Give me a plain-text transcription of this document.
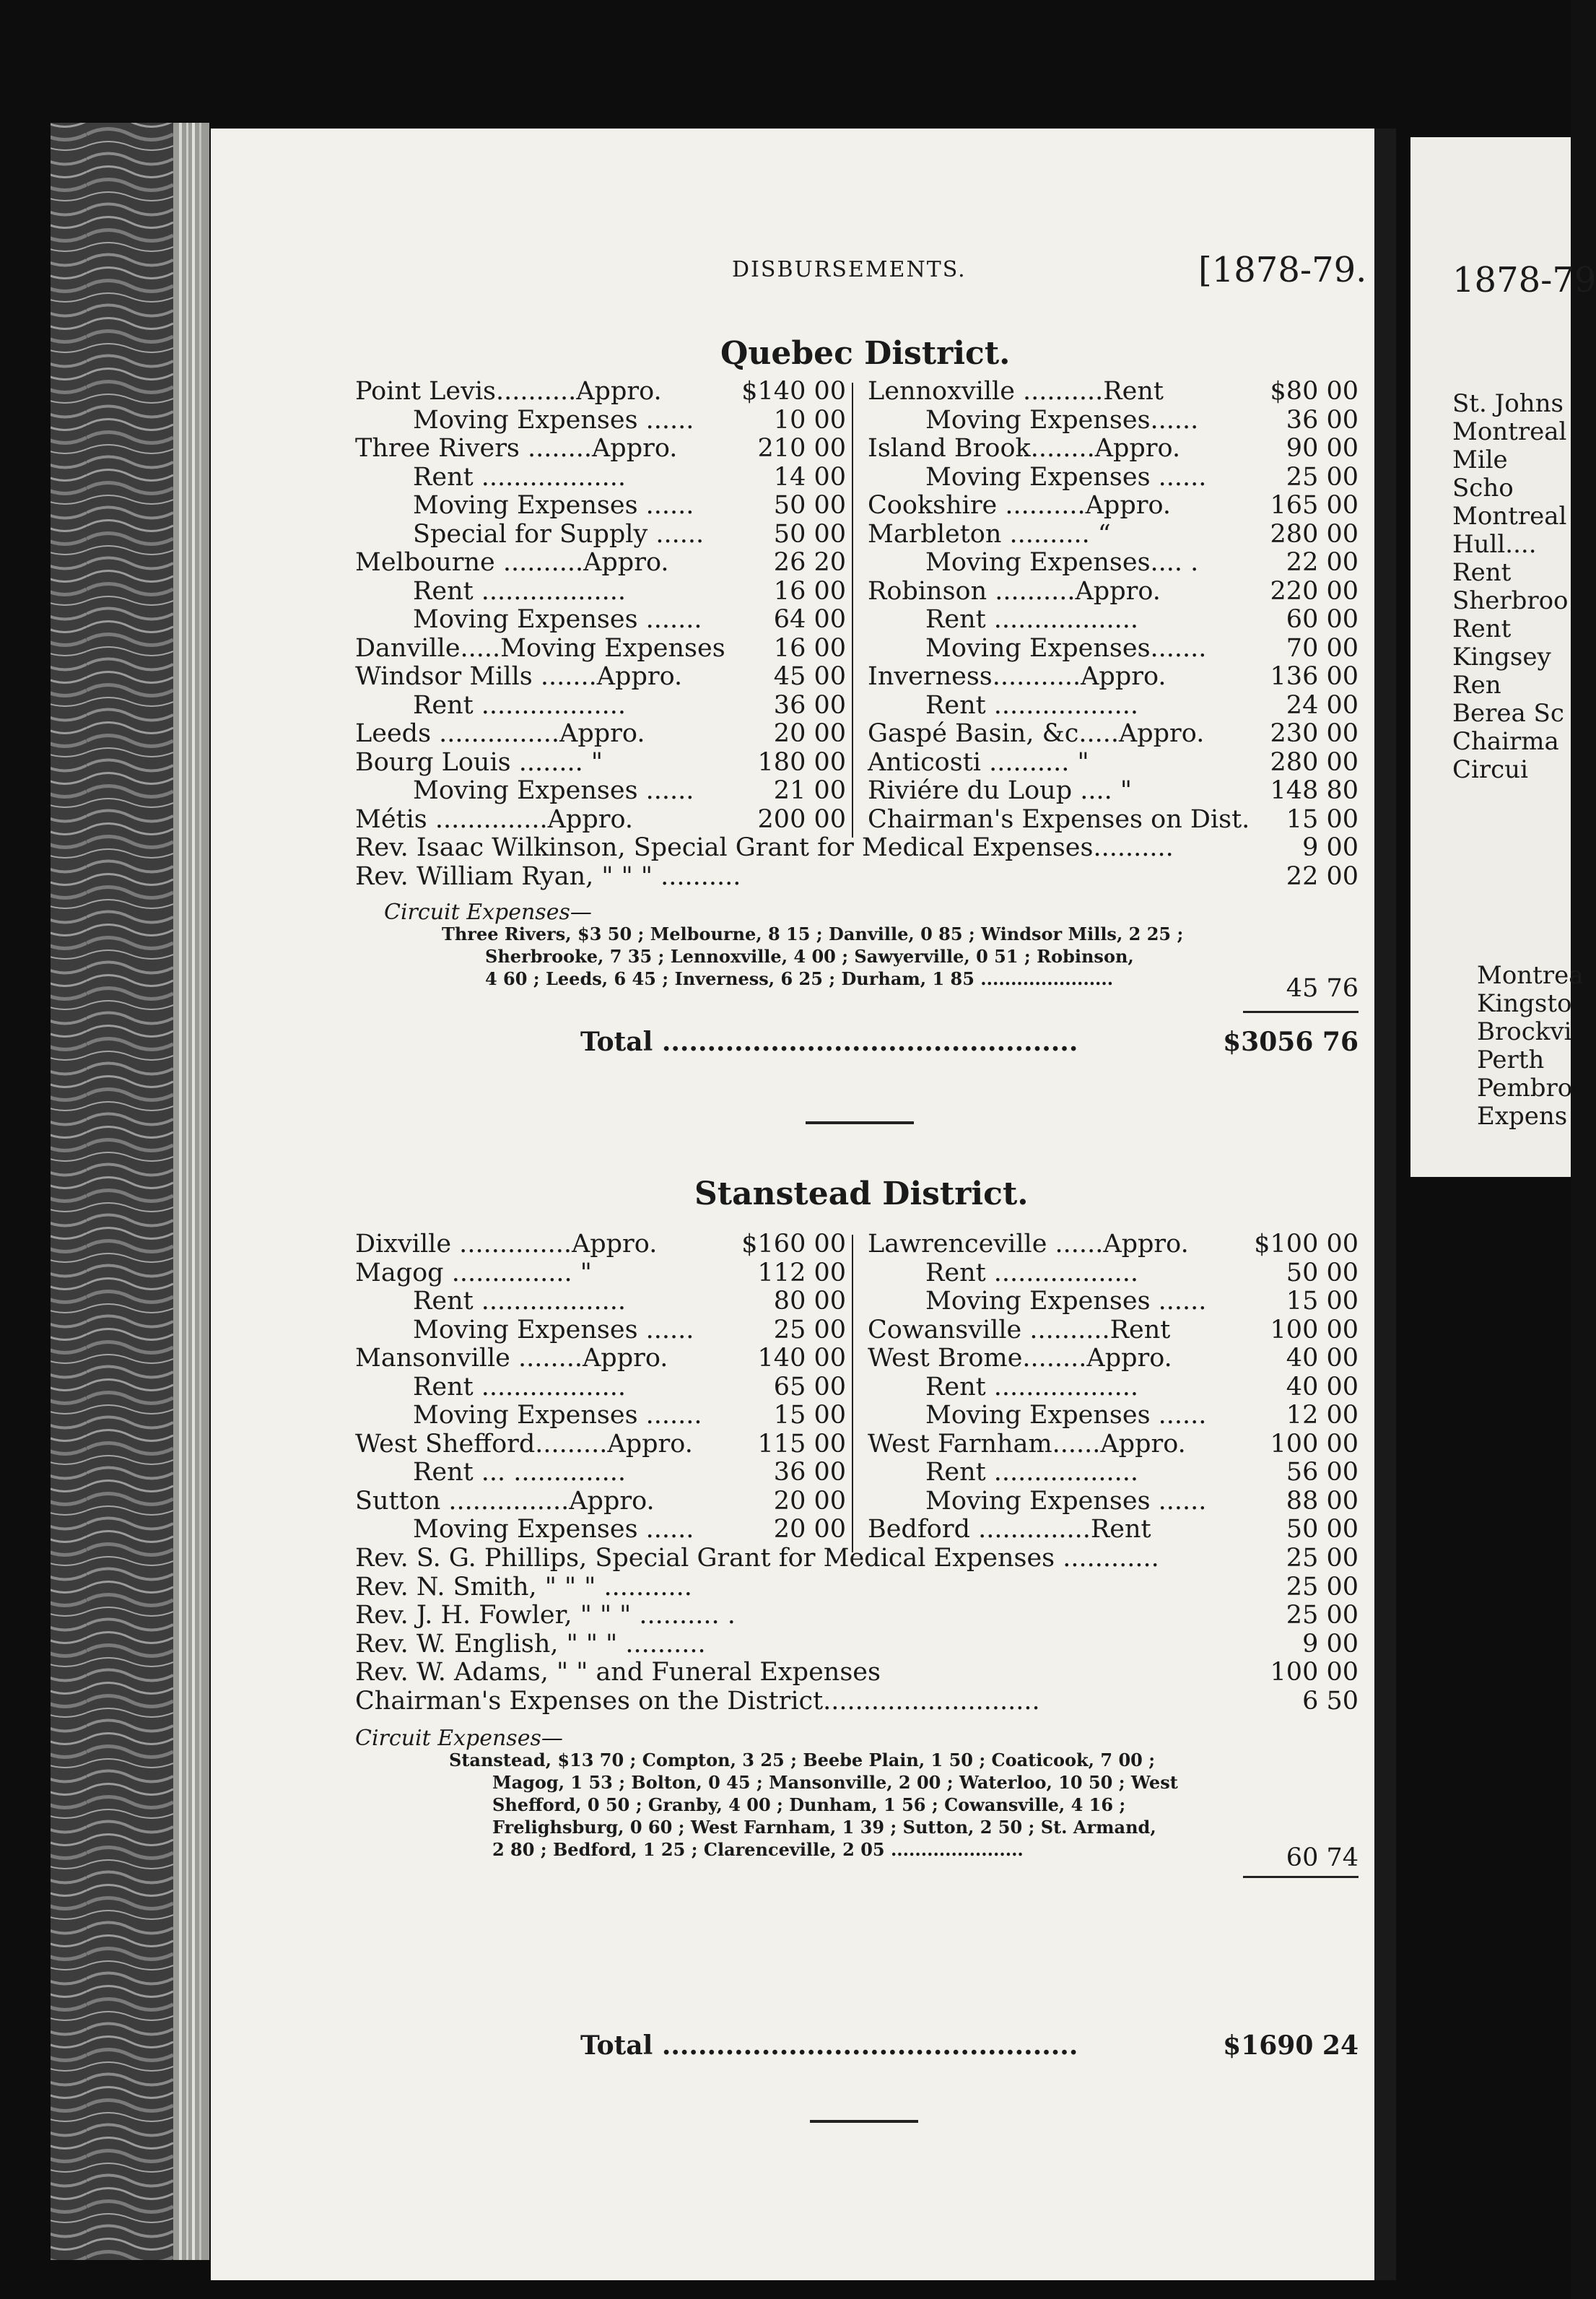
DISBURSEMENTS.	[1878-79.
Quebec District.
Point Levis..........Appro.	$140 00
Moving Expenses ......	10 00
Three Rivers ........Appro.	210 00
Rent ..................	14 00
Moving Expenses ......	50 00
Special for Supply ......	50 00
Melbourne ..........Appro.	26 20
Rent ..................	16 00
Moving Expenses .......	64 00
Danville.....Moving Expenses	16 00
Windsor Mills .......Appro.	45 00
Rent ..................	36 00
Leeds ...............Appro.	20 00
Bourg Louis ........ "	180 00
Moving Expenses ......	21 00
Métis ..............Appro.	200 00
Lennoxville ..........Rent	$80 00
Moving Expenses......	36 00
Island Brook........Appro.	90 00
Moving Expenses ......	25 00
Cookshire ..........Appro.	165 00
Marbleton .......... “	280 00
Moving Expenses.... .	22 00
Robinson ..........Appro.	220 00
Rent ..................	60 00
Moving Expenses.......	70 00
Inverness...........Appro.	136 00
Rent ..................	24 00
Gaspé Basin, &c.....Appro.	230 00
Anticosti .......... "	280 00
Riviére du Loup .... "	148 80
Chairman's Expenses on Dist.	15 00
Rev. Isaac Wilkinson, Special Grant for Medical Expenses..........	9 00
Rev. William Ryan, " " " ..........	22 00
Circuit Expenses—
Three Rivers, $3 50 ; Melbourne, 8 15 ; Danville, 0 85 ; Windsor Mills, 2 25 ;
Sherbrooke, 7 35 ; Lennoxville, 4 00 ; Sawyerville, 0 51 ; Robinson,
4 60 ; Leeds, 6 45 ; Inverness, 6 25 ; Durham, 1 85 ......................	45 76
Total ..............................................	$3056 76
Stanstead District.
Dixville ..............Appro.	$160 00
Magog ............... "	112 00
Rent ..................	80 00
Moving Expenses ......	25 00
Mansonville ........Appro.	140 00
Rent ..................	65 00
Moving Expenses .......	15 00
West Shefford.........Appro.	115 00
Rent ... ..............	36 00
Sutton ...............Appro.	20 00
Moving Expenses ......	20 00
Lawrenceville ......Appro.	$100 00
Rent ..................	50 00
Moving Expenses ......	15 00
Cowansville ..........Rent	100 00
West Brome........Appro.	40 00
Rent ..................	40 00
Moving Expenses ......	12 00
West Farnham......Appro.	100 00
Rent ..................	56 00
Moving Expenses ......	88 00
Bedford ..............Rent	50 00
Rev. S. G. Phillips, Special Grant for Medical Expenses ............	25 00
Rev. N. Smith, " " " ...........	25 00
Rev. J. H. Fowler, " " " .......... .	25 00
Rev. W. English, " " " ..........	9 00
Rev. W. Adams, " " and Funeral Expenses	100 00
Chairman's Expenses on the District...........................	6 50
Circuit Expenses—
Stanstead, $13 70 ; Compton, 3 25 ; Beebe Plain, 1 50 ; Coaticook, 7 00 ;
Magog, 1 53 ; Bolton, 0 45 ; Mansonville, 2 00 ; Waterloo, 10 50 ; West
Shefford, 0 50 ; Granby, 4 00 ; Dunham, 1 56 ; Cowansville, 4 16 ;
Frelighsburg, 0 60 ; West Farnham, 1 39 ; Sutton, 2 50 ; St. Armand,
2 80 ; Bedford, 1 25 ; Clarenceville, 2 05 ......................	60 74
Total ..............................................	$1690 24
1878-79
St. Johns
Montreal
Mile
Scho
Montreal
Hull....
Rent
Sherbroo
Rent
Kingsey
Ren
Berea Sc
Chairma
Circui
Montrea
Kingsto
Brockvi
Perth
Pembro
Expens
